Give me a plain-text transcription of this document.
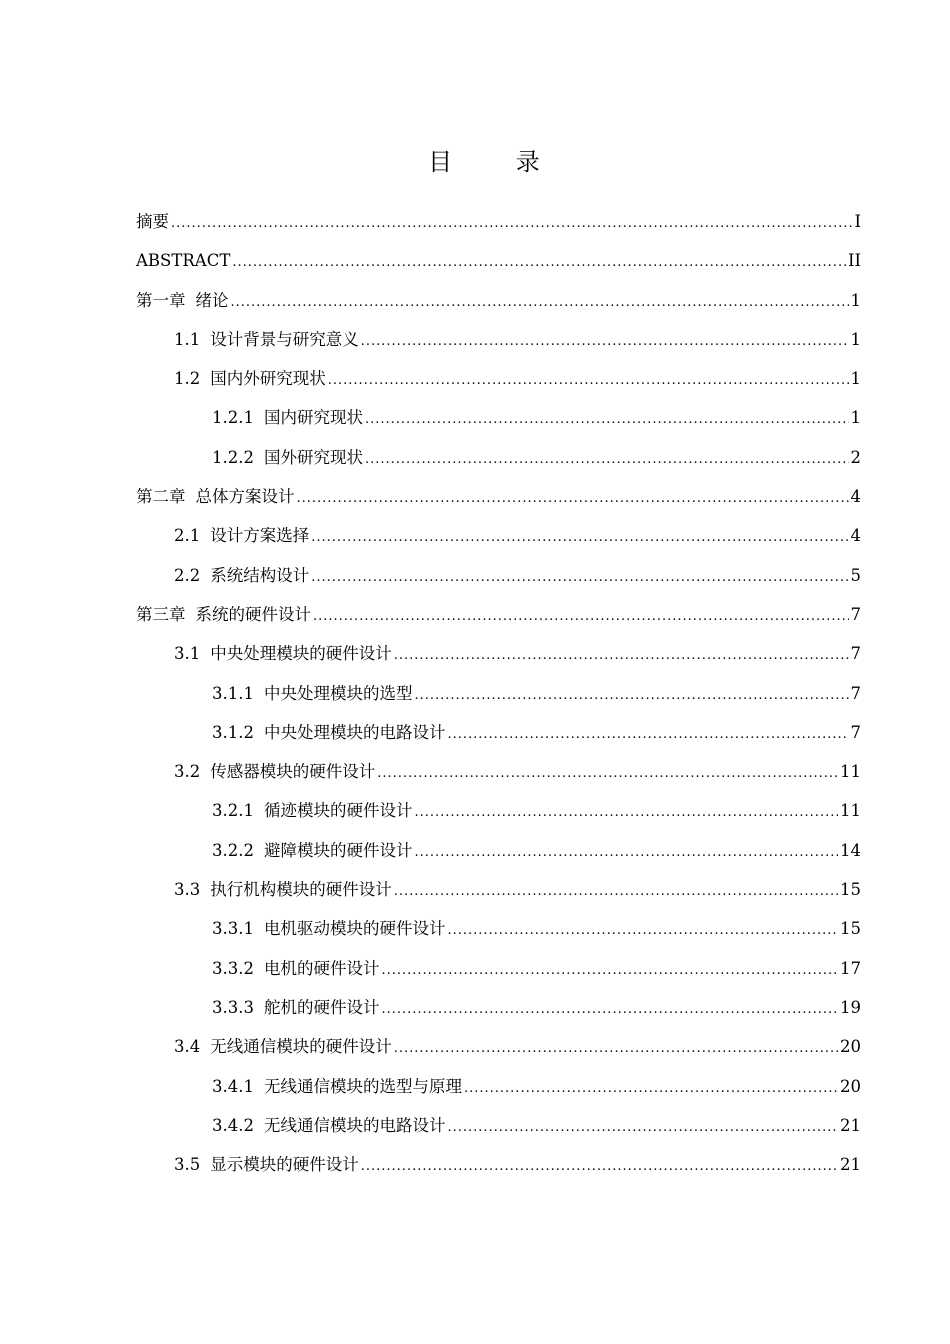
目 录
摘要 .....	I
ABSTRACT .....	II
第一章 绪论 .....	1
1.1 设计背景与研究意义 .....	1
1.2 国内外研究现状 .....	1
1.2.1 国内研究现状 .....	1
1.2.2 国外研究现状 .....	2
第二章 总体方案设计 .....	4
2.1 设计方案选择 .....	4
2.2 系统结构设计 .....	5
第三章 系统的硬件设计 .....	7
3.1 中央处理模块的硬件设计 .....	7
3.1.1 中央处理模块的选型 .....	7
3.1.2 中央处理模块的电路设计 .....	7
3.2 传感器模块的硬件设计 .....	11
3.2.1 循迹模块的硬件设计 .....	11
3.2.2 避障模块的硬件设计 .....	14
3.3 执行机构模块的硬件设计 .....	15
3.3.1 电机驱动模块的硬件设计 .....	15
3.3.2 电机的硬件设计 .....	17
3.3.3 舵机的硬件设计 .....	19
3.4 无线通信模块的硬件设计 .....	20
3.4.1 无线通信模块的选型与原理 .....	20
3.4.2 无线通信模块的电路设计 .....	21
3.5 显示模块的硬件设计 .....	21
